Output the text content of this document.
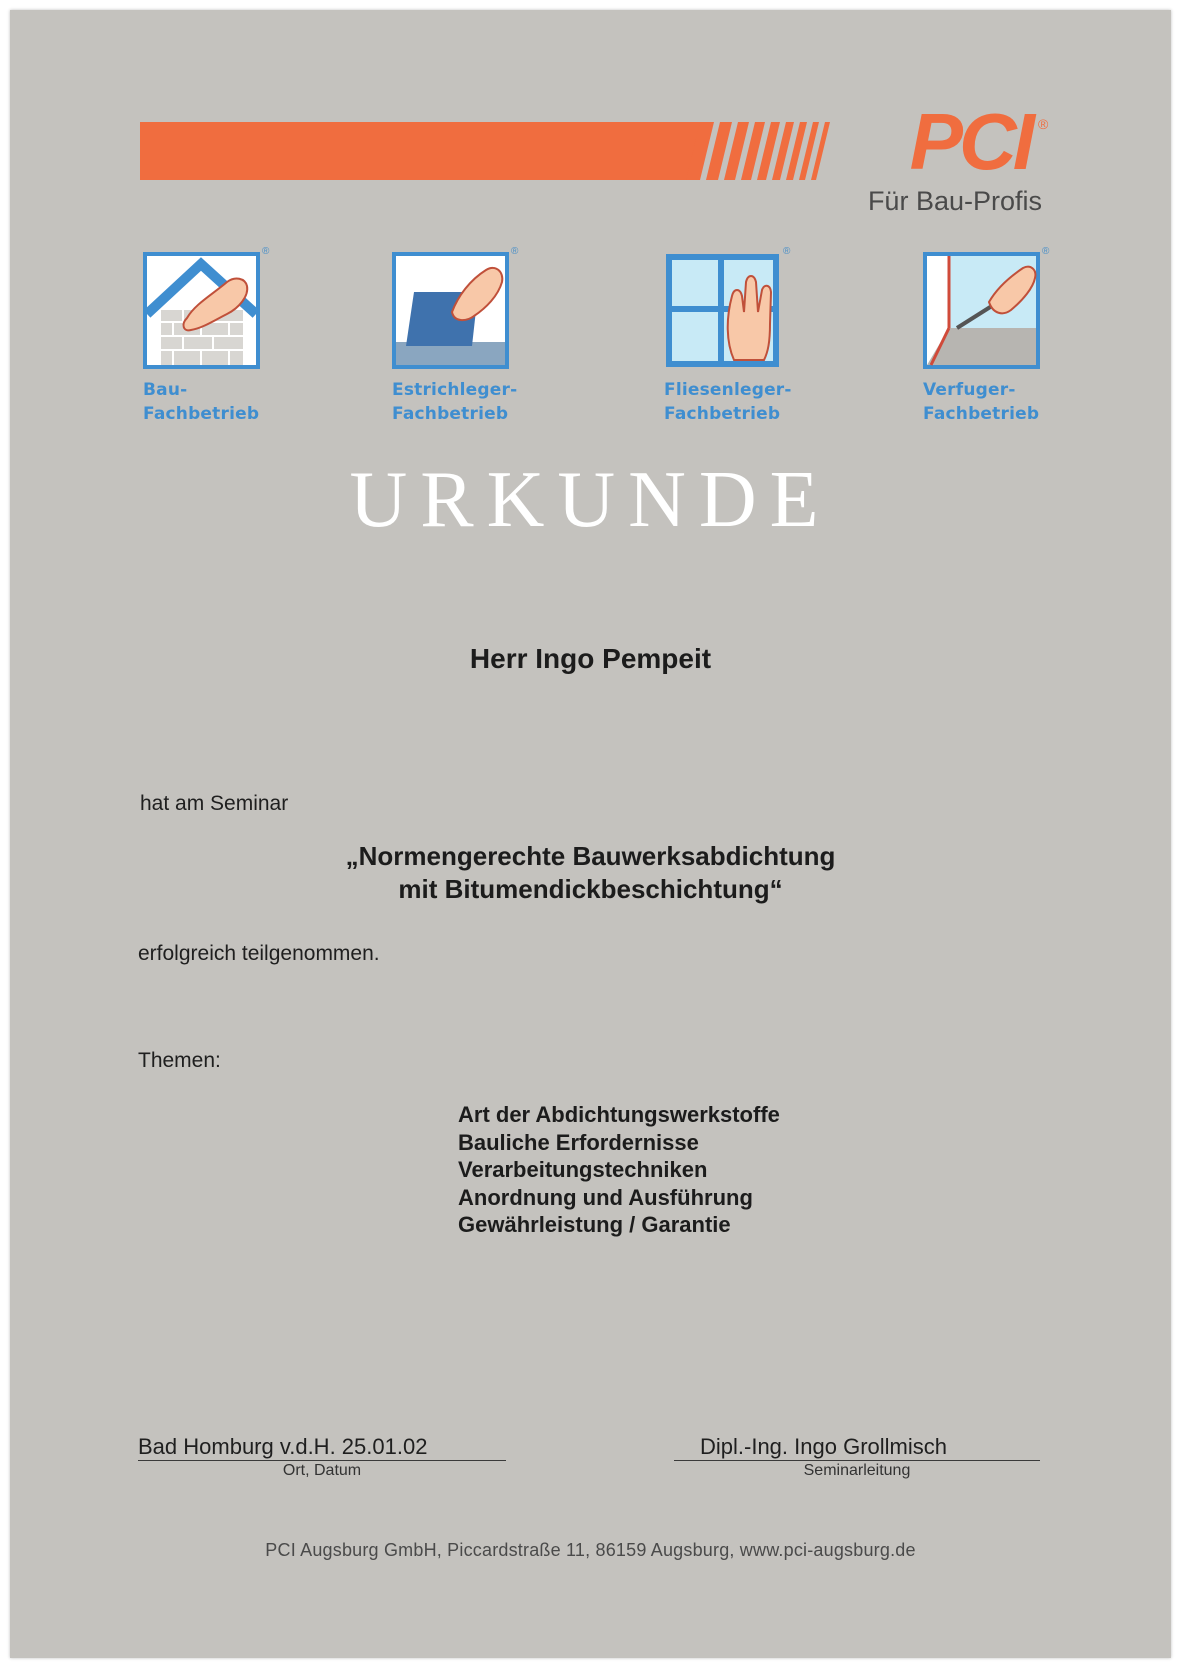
PCI ®
Für Bau-Profis
®
Bau-
Fachbetrieb
®
Estrichleger-
Fachbetrieb
®
Fliesenleger-
Fachbetrieb
®
Verfuger-
Fachbetrieb
URKUNDE
Herr Ingo Pempeit
hat am Seminar
„Normengerechte Bauwerksabdichtung
mit Bitumendickbeschichtung“
erfolgreich teilgenommen.
Themen:
Art der Abdichtungswerkstoffe
Bauliche Erfordernisse
Verarbeitungstechniken
Anordnung und Ausführung
Gewährleistung / Garantie
Bad Homburg v.d.H. 25.01.02
Ort, Datum
Dipl.-Ing. Ingo Grollmisch
Seminarleitung
PCI Augsburg GmbH, Piccardstraße 11, 86159 Augsburg, www.pci-augsburg.de
